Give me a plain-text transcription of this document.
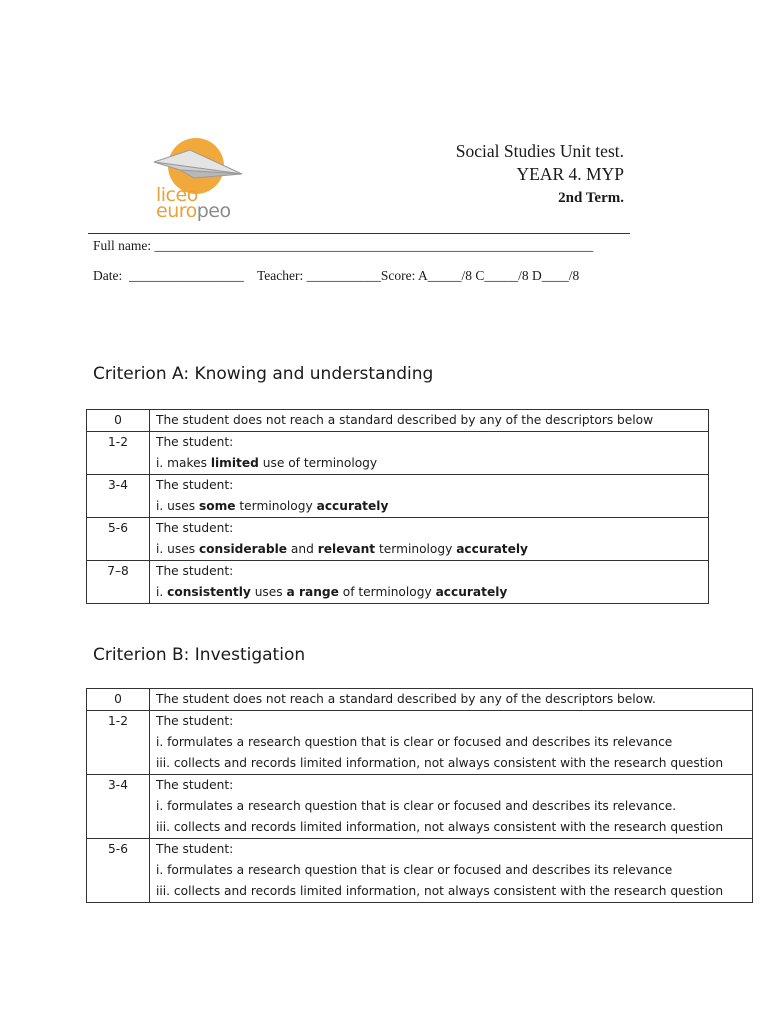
liceo
europeo
Social Studies Unit test.
YEAR 4. MYP
2nd Term.
Full name: _________________________________________________________________
Date:  _________________    Teacher: ___________Score: A_____/8 C_____/8 D____/8
Criterion A: Knowing and understanding
0	The student does not reach a standard described by any of the descriptors below

1-2	The student:
i. makes limited use of terminology

3-4	The student:
i. uses some terminology accurately

5-6	The student:
i. uses considerable and relevant terminology accurately

7–8	The student:
i. consistently uses a range of terminology accurately
Criterion B: Investigation
0	The student does not reach a standard described by any of the descriptors below.

1-2	The student:
i. formulates a research question that is clear or focused and describes its relevance
iii. collects and records limited information, not always consistent with the research question

3-4	The student:
i. formulates a research question that is clear or focused and describes its relevance.
iii. collects and records limited information, not always consistent with the research question

5-6	The student:
i. formulates a research question that is clear or focused and describes its relevance
iii. collects and records limited information, not always consistent with the research question
